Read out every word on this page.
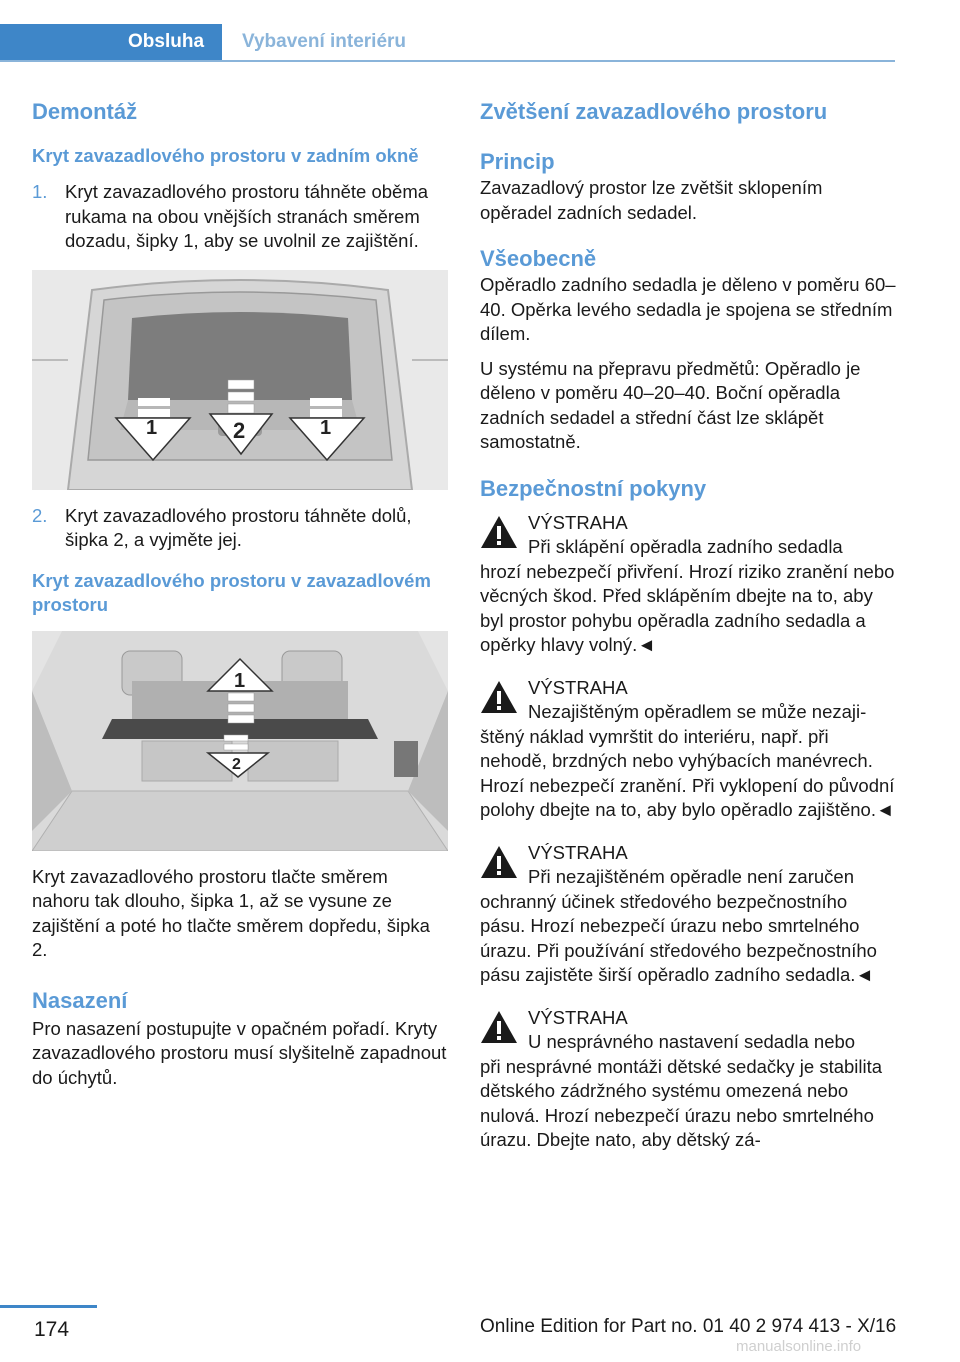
Obsluha	Vybavení interiéru
Demontáž
Kryt zavazadlového prostoru v zadním okně
1. Kryt zavazadlového prostoru táhněte oběma rukama na obou vnějších stranách směrem dozadu, šipky 1, aby se uvolnil ze zajištění.
1	2	1
2. Kryt zavazadlového prostoru táhněte dolů, šipka 2, a vyjměte jej.
Kryt zavazadlového prostoru v zavazadlovém prostoru
1
2
Kryt zavazadlového prostoru tlačte směrem nahoru tak dlouho, šipka 1, až se vysune ze zajištění a poté ho tlačte směrem dopředu, šipka 2.
Nasazení
Pro nasazení postupujte v opačném pořadí. Kryty zavazadlového prostoru musí slyšitelně zapadnout do úchytů.
Zvětšení zavazadlového prostoru
Princip
Zavazadlový prostor lze zvětšit sklopením opěradel zadních sedadel.
Všeobecně
Opěradlo zadního sedadla je děleno v poměru 60–40. Opěrka levého sedadla je spojena se středním dílem.
U systému na přepravu předmětů: Opěradlo je děleno v poměru 40–20–40. Boční opěradla zadních sedadel a střední část lze sklápět samostatně.
Bezpečnostní pokyny
VÝSTRAHA
Při sklápění opěradla zadního sedadla
hrozí nebezpečí přivření. Hrozí riziko zranění nebo věcných škod. Před sklápěním dbejte na to, aby byl prostor pohybu opěradla zadního sedadla a opěrky hlavy volný.◄
VÝSTRAHA
Nezajištěným opěradlem se může nezaji-
štěný náklad vymrštit do interiéru, např. při nehodě, brzdných nebo vyhýbacích manévrech. Hrozí nebezpečí zranění. Při vyklopení do původní polohy dbejte na to, aby bylo opěradlo zajištěno.◄
VÝSTRAHA
Při nezajištěném opěradle není zaručen
ochranný účinek středového bezpečnostního pásu. Hrozí nebezpečí úrazu nebo smrtelného úrazu. Při používání středového bezpečnostního pásu zajistěte širší opěradlo zadního sedadla.◄
VÝSTRAHA
U nesprávného nastavení sedadla nebo
při nesprávné montáži dětské sedačky je stabilita dětského zádržného systému omezená nebo nulová. Hrozí nebezpečí úrazu nebo smrtelného úrazu. Dbejte nato, aby dětský zá-
174	Online Edition for Part no. 01 40 2 974 413 - X/16
manualsonline.info
